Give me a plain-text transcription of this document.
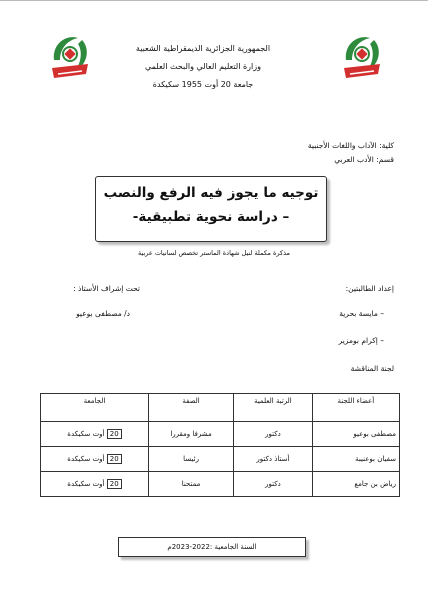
الجمهورية الجزائرية الديمقراطية الشعبية
وزارة التعليم العالي والبحث العلمي
جامعة 20 أوت 1955 سكيكدة
كلية: الآداب واللغات الأجنبية
قسم: الأدب العربي
توجيه ما يجوز فيه الرفع والنصب
– دراسة نحوية تطبيقية-
مذكرة مكملة لنيل شهادة الماستر تخصص لسانيات عربية
إعداد الطالبتين:
– مايسة بحرية
– إكرام بومزير
تحت إشراف الأستاذ :
د/ مصطفى بوعيو
لجنة المناقشة
أعضاء اللجنة	الرتبة العلمية	الصفة	الجامعة
مصطفى بوعيو	دكتور	مشرفا ومقررا	20 أوت سكيكدة
سفيان بوعنيبة	أستاذ دكتور	رئيسا	20 أوت سكيكدة
رياض بن جامع	دكتور	ممتحنا	20 أوت سكيكدة
السنة الجامعية :2022-2023م
